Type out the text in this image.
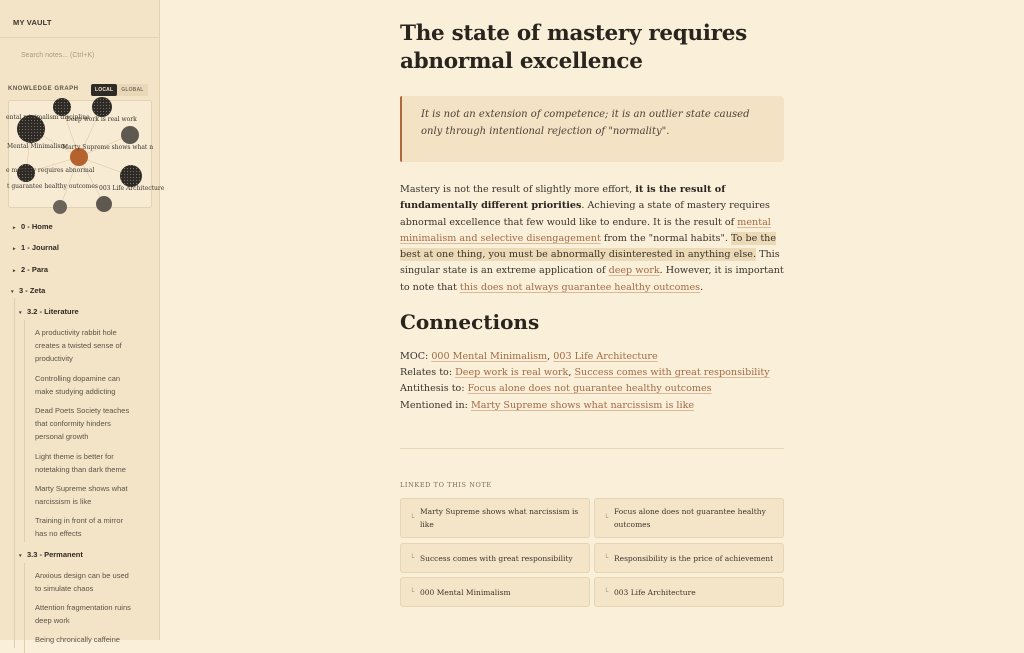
MY VAULT
Search notes... (Ctrl+K)
KNOWLEDGE GRAPH	LOCAL	GLOBAL
ental minimalism discipline
Deep work is real work
Mental Minimalism
Marty Supreme shows what n
e mastery requires abnormal
003 Life Architecture
t guarantee healthy outcomes
▸ 0 - Home
▸ 1 - Journal
▸ 2 - Para
▾ 3 - Zeta
▾ 3.2 - Literature
A productivity rabbit hole creates a twisted sense of productivity
Controlling dopamine can make studying addicting
Dead Poets Society teaches that conformity hinders personal growth
Light theme is better for notetaking than dark theme
Marty Supreme shows what narcissism is like
Training in front of a mirror has no effects
▾ 3.3 - Permanent
Anxious design can be used to simulate chaos
Attention fragmentation ruins deep work
Being chronically caffeine
The state of mastery requires abnormal excellence

It is not an extension of competence; it is an outlier state caused only through intentional rejection of "normality".

Mastery is not the result of slightly more effort, it is the result of fundamentally different priorities. Achieving a state of mastery requires abnormal excellence that few would like to endure. It is the result of mental minimalism and selective disengagement from the "normal habits". To be the best at one thing, you must be abnormally disinterested in anything else. This singular state is an extreme application of deep work. However, it is important to note that this does not always guarantee healthy outcomes.
Connections
MOC: 000 Mental Minimalism, 003 Life Architecture
Relates to: Deep work is real work, Success comes with great responsibility
Antithesis to: Focus alone does not guarantee healthy outcomes
Mentioned in: Marty Supreme shows what narcissism is like
LINKED TO THIS NOTE
└
Marty Supreme shows what narcissism is like
└
Focus alone does not guarantee healthy outcomes
└ Success comes with great responsibility	└ Responsibility is the price of achievement
└ 000 Mental Minimalism	└ 003 Life Architecture
